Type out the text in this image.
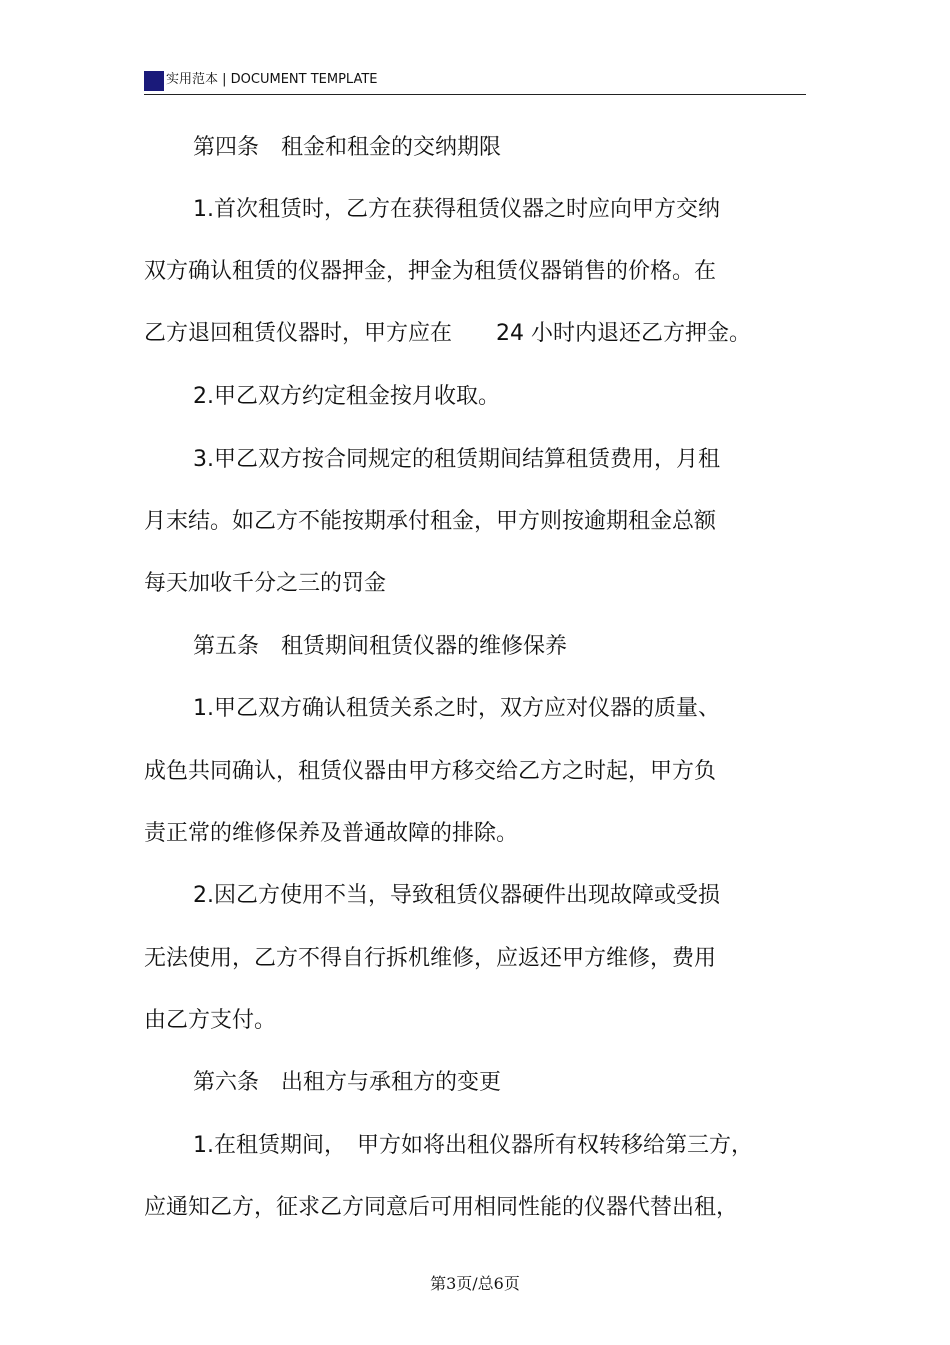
实用范本 | DOCUMENT TEMPLATE
第四条　租金和租金的交纳期限
1.首次租赁时，乙方在获得租赁仪器之时应向甲方交纳
双方确认租赁的仪器押金，押金为租赁仪器销售的价格。在
乙方退回租赁仪器时，甲方应在　　24 小时内退还乙方押金。
2.甲乙双方约定租金按月收取。
3.甲乙双方按合同规定的租赁期间结算租赁费用，月租
月末结。如乙方不能按期承付租金，甲方则按逾期租金总额
每天加收千分之三的罚金
第五条　租赁期间租赁仪器的维修保养
1.甲乙双方确认租赁关系之时，双方应对仪器的质量、
成色共同确认，租赁仪器由甲方移交给乙方之时起，甲方负
责正常的维修保养及普通故障的排除。
2.因乙方使用不当，导致租赁仪器硬件出现故障或受损
无法使用，乙方不得自行拆机维修，应返还甲方维修，费用
由乙方支付。
第六条　出租方与承租方的变更
1.在租赁期间，　甲方如将出租仪器所有权转移给第三方，
应通知乙方，征求乙方同意后可用相同性能的仪器代替出租，
第3页/总6页
